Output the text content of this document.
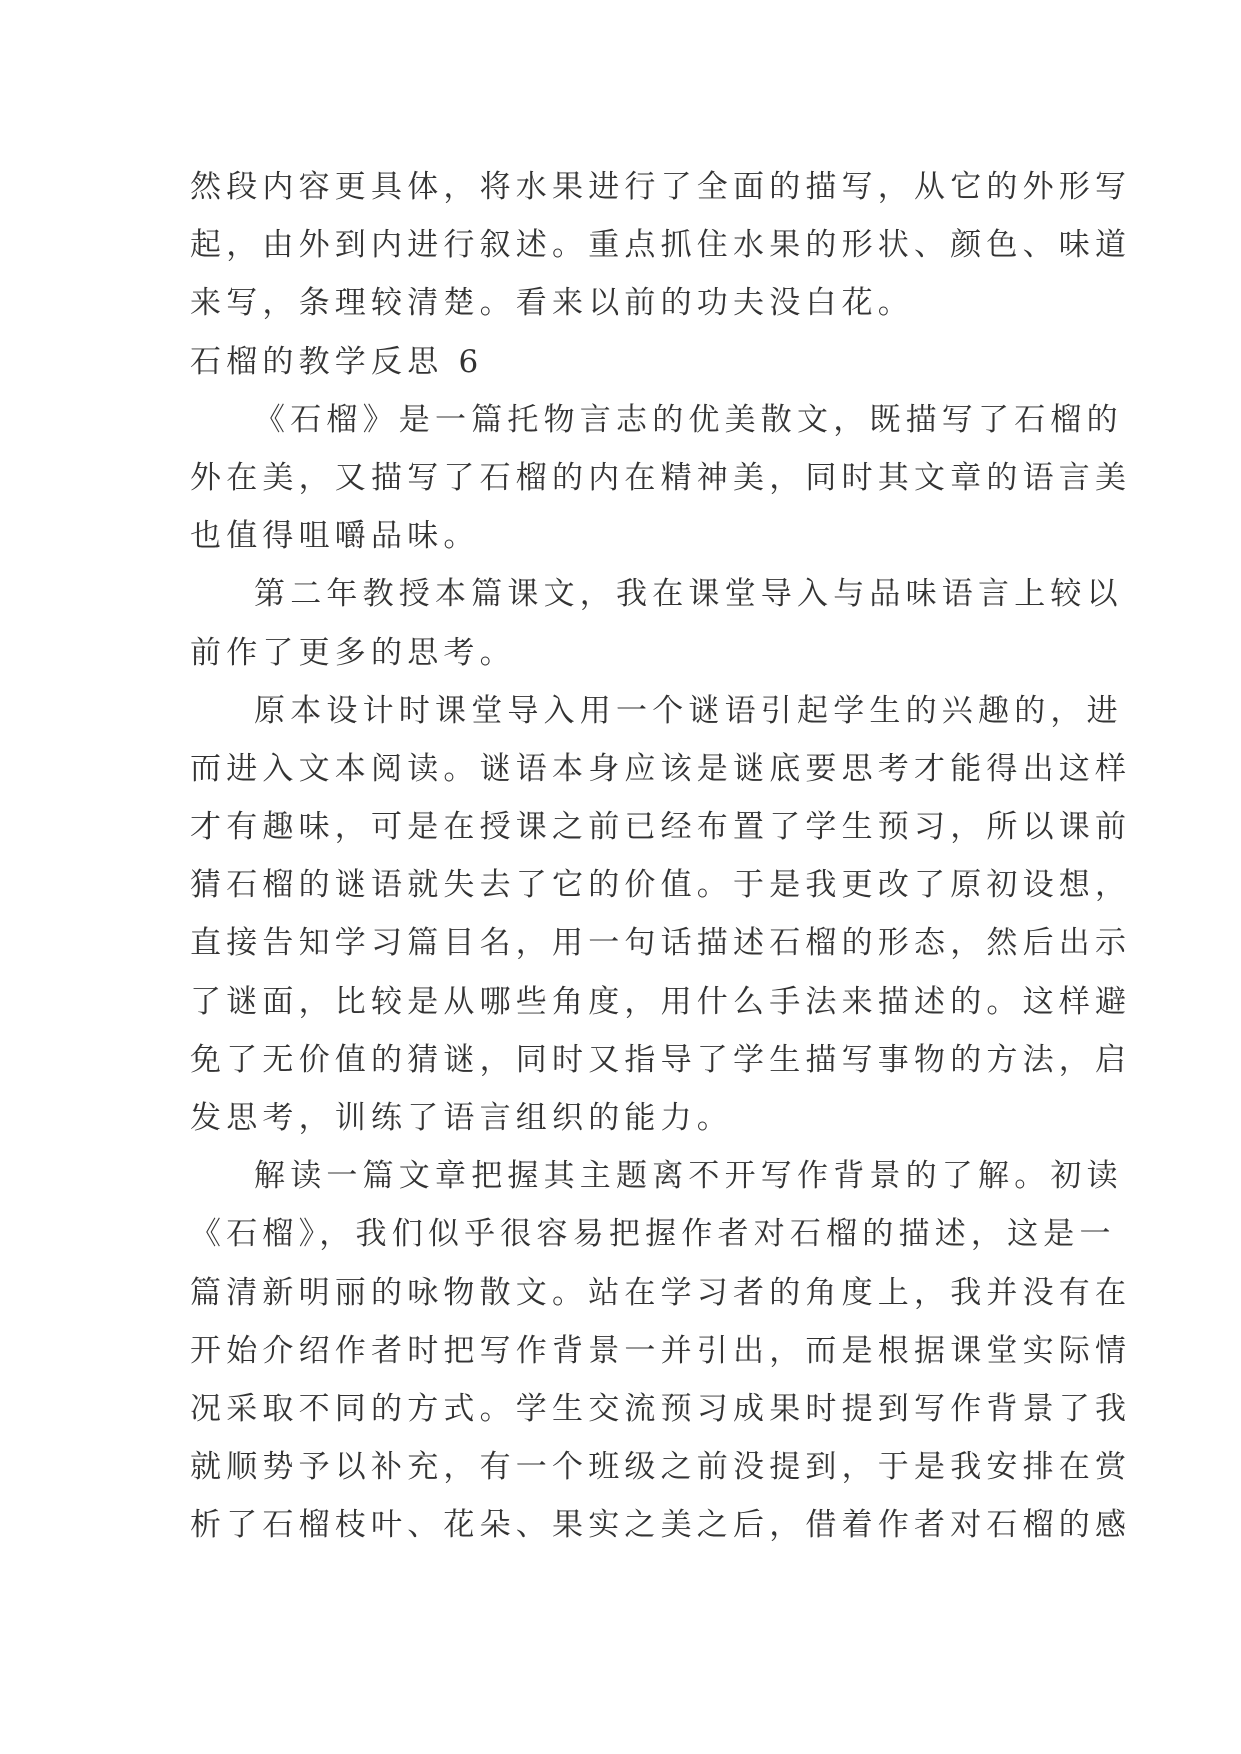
然段内容更具体，将水果进行了全面的描写，从它的外形写
起，由外到内进行叙述。重点抓住水果的形状、颜色、味道
来写，条理较清楚。看来以前的功夫没白花。
石榴的教学反思 6
《石榴》是一篇托物言志的优美散文，既描写了石榴的
外在美，又描写了石榴的内在精神美，同时其文章的语言美
也值得咀嚼品味。
第二年教授本篇课文，我在课堂导入与品味语言上较以
前作了更多的思考。
原本设计时课堂导入用一个谜语引起学生的兴趣的，进
而进入文本阅读。谜语本身应该是谜底要思考才能得出这样
才有趣味，可是在授课之前已经布置了学生预习，所以课前
猜石榴的谜语就失去了它的价值。于是我更改了原初设想，
直接告知学习篇目名，用一句话描述石榴的形态，然后出示
了谜面，比较是从哪些角度，用什么手法来描述的。这样避
免了无价值的猜谜，同时又指导了学生描写事物的方法，启
发思考，训练了语言组织的能力。
解读一篇文章把握其主题离不开写作背景的了解。初读
《石榴》，我们似乎很容易把握作者对石榴的描述，这是一
篇清新明丽的咏物散文。站在学习者的角度上，我并没有在
开始介绍作者时把写作背景一并引出，而是根据课堂实际情
况采取不同的方式。学生交流预习成果时提到写作背景了我
就顺势予以补充，有一个班级之前没提到，于是我安排在赏
析了石榴枝叶、花朵、果实之美之后，借着作者对石榴的感
